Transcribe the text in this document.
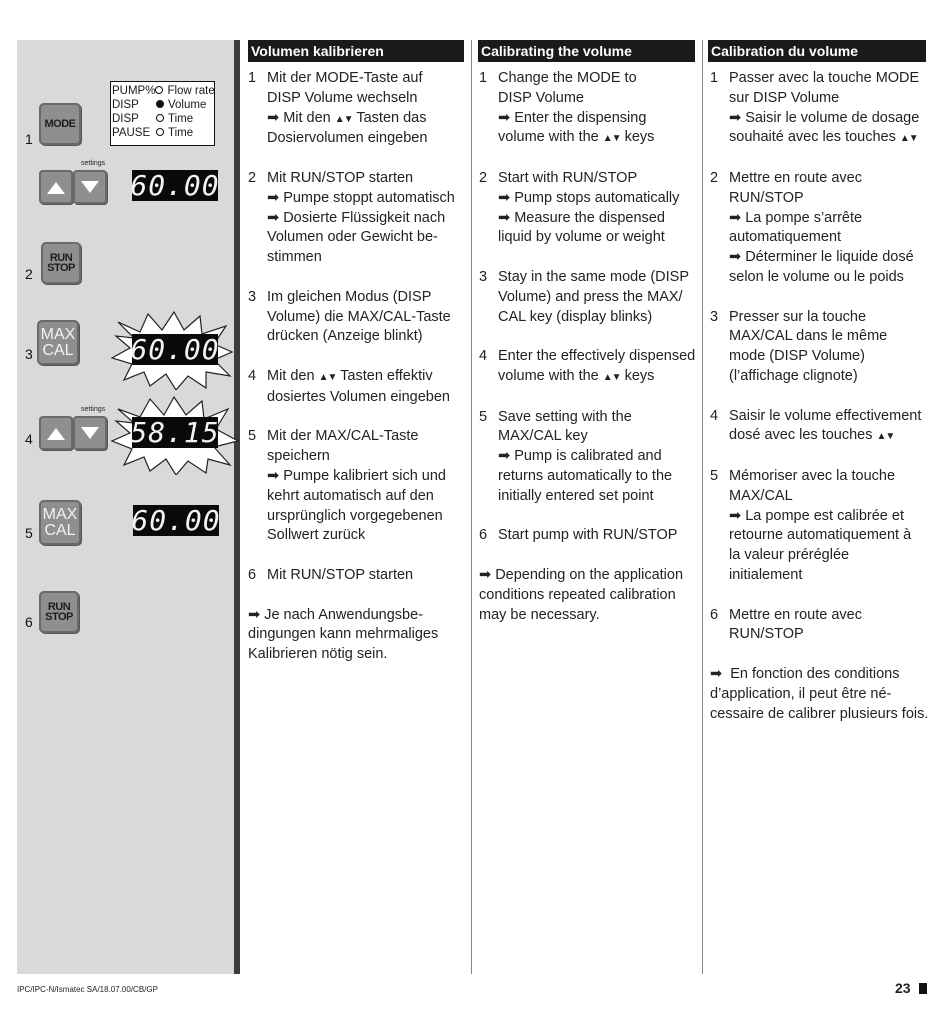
1
MODE
PUMP%	Flow rate
DISP	Volume
DISP	Time
PAUSE	Time
settings
60.00
2
RUN
STOP
3
MAX
CAL 60.00
4
settings
58.15
5
MAX
CAL 60.00
6
RUN
STOP
Volumen kalibrieren

1 Mit der MODE-Taste auf
DISP Volume wechseln
➡ Mit den ▲▼ Tasten das
Dosiervolumen eingeben

2 Mit RUN/STOP starten
➡ Pumpe stoppt automatisch
➡ Dosierte Flüssigkeit nach
Volumen oder Gewicht be-
stimmen

3 Im gleichen Modus (DISP
Volume) die MAX/CAL-Taste
drücken (Anzeige blinkt)

4 Mit den ▲▼ Tasten effektiv
dosiertes Volumen eingeben

5 Mit der MAX/CAL-Taste
speichern
➡ Pumpe kalibriert sich und
kehrt automatisch auf den
ursprünglich vorgegebenen
Sollwert zurück

6 Mit RUN/STOP starten

➡ Je nach Anwendungsbe-
dingungen kann mehrmaliges
Kalibrieren nötig sein.

Calibrating the volume

1 Change the MODE to
DISP Volume
➡ Enter the dispensing
volume with the ▲▼ keys

2 Start with RUN/STOP
➡ Pump stops automatically
➡ Measure the dispensed
liquid by volume or weight

3 Stay in the same mode (DISP
Volume) and press the MAX/
CAL key (display blinks)

4 Enter the effectively dispensed
volume with the ▲▼ keys

5 Save setting with the
MAX/CAL key
➡ Pump is calibrated and
returns automatically to the
initially entered set point

6 Start pump with RUN/STOP

➡ Depending on the application
conditions repeated calibration
may be necessary.

Calibration du volume

1 Passer avec la touche MODE
sur DISP Volume
➡ Saisir le volume de dosage
souhaité avec les touches ▲▼

2 Mettre en route avec RUN/STOP
➡ La pompe s’arrête
automatiquement
➡ Déterminer le liquide dosé
selon le volume ou le poids

3 Presser sur la touche
MAX/CAL dans le même
mode (DISP Volume)
(l’affichage clignote)

4 Saisir le volume effectivement
dosé avec les touches ▲▼

5 Mémoriser avec la touche
MAX/CAL
➡ La pompe est calibrée et
retourne automatiquement à
la valeur préréglée
initialement

6 Mettre en route avec RUN/STOP

➡ En fonction des conditions
d’application, il peut être né-
cessaire de calibrer plusieurs fois.

IPC/IPC-N/Ismatec SA/18.07.00/CB/GP	23
